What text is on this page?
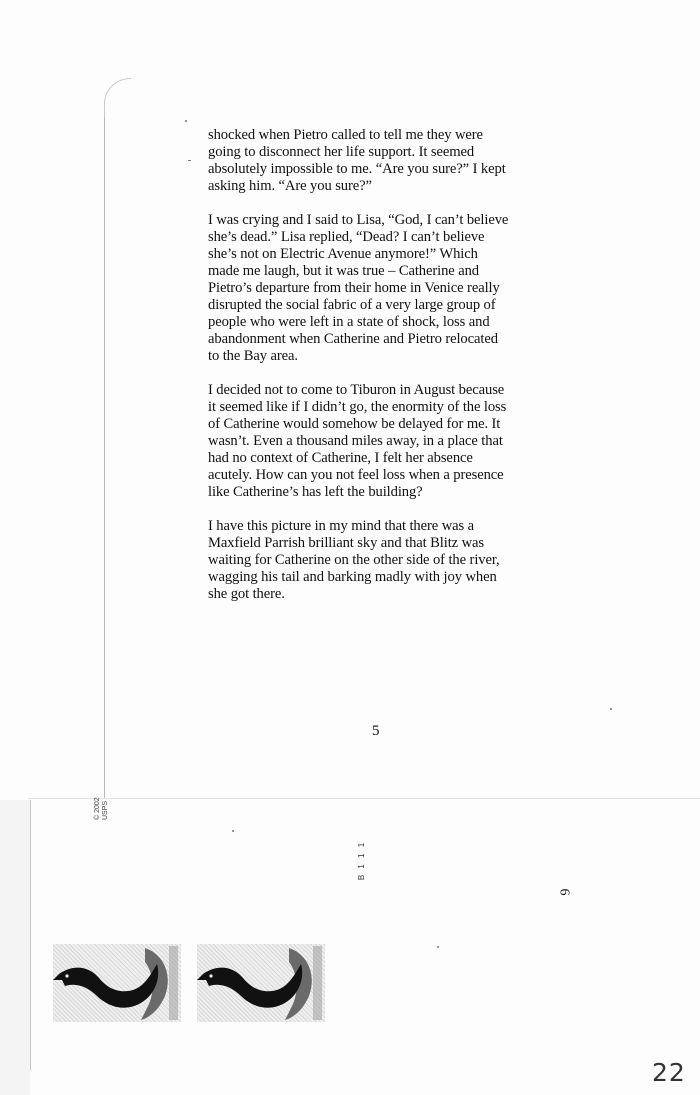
shocked when Pietro called to tell me they were
going to disconnect her life support. It seemed
absolutely impossible to me. “Are you sure?” I kept
asking him. “Are you sure?”

I was crying and I said to Lisa, “God, I can’t believe
she’s dead.” Lisa replied, “Dead? I can’t believe
she’s not on Electric Avenue anymore!” Which
made me laugh, but it was true – Catherine and
Pietro’s departure from their home in Venice really
disrupted the social fabric of a very large group of
people who were left in a state of shock, loss and
abandonment when Catherine and Pietro relocated
to the Bay area.

I decided not to come to Tiburon in August because
it seemed like if I didn’t go, the enormity of the loss
of Catherine would somehow be delayed for me. It
wasn’t. Even a thousand miles away, in a place that
had no context of Catherine, I felt her absence
acutely. How can you not feel loss when a presence
like Catherine’s has left the building?

I have this picture in my mind that there was a
Maxfield Parrish brilliant sky and that Blitz was
waiting for Catherine on the other side of the river,
wagging his tail and barking madly with joy when
she got there.

5
© 2002 USPS
B 1 1 1
6
22
